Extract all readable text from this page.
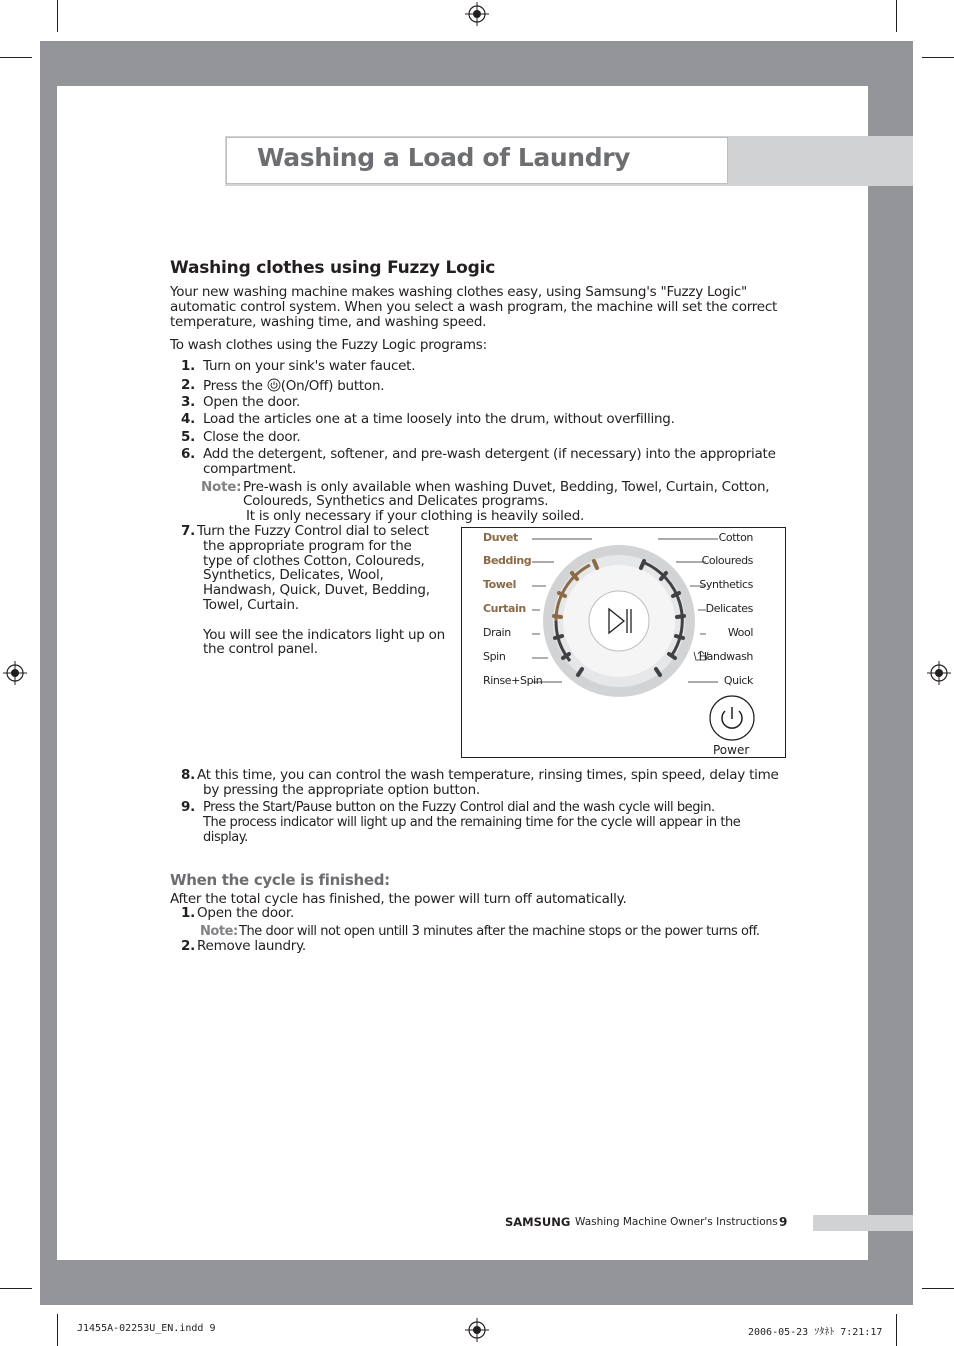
Washing a Load of Laundry
Washing clothes using Fuzzy Logic
Your new washing machine makes washing clothes easy, using Samsung's "Fuzzy Logic"
automatic control system. When you select a wash program, the machine will set the correct
temperature, washing time, and washing speed.
To wash clothes using the Fuzzy Logic programs:
1. Turn on your sink's water faucet.
2. Press the (On/Off) button.
3. Open the door.
4. Load the articles one at a time loosely into the drum, without overfilling.
5. Close the door.
6. Add the detergent, softener, and pre-wash detergent (if necessary) into the appropriate
compartment.
Note: Pre-wash is only available when washing Duvet, Bedding, Towel, Curtain, Cotton,
Coloureds, Synthetics and Delicates programs.
It is only necessary if your clothing is heavily soiled.
7. Turn the Fuzzy Control dial to select
the appropriate program for the
type of clothes Cotton, Coloureds,
Synthetics, Delicates, Wool,
Handwash, Quick, Duvet, Bedding,
Towel, Curtain.
You will see the indicators light up on
the control panel.
Duvet
Bedding
Towel
Curtain
Drain
Spin
Rinse+Spin
Cotton
Coloureds
Synthetics
Delicates
Wool
Handwash
Quick
Power
8. At this time, you can control the wash temperature, rinsing times, spin speed, delay time
by pressing the appropriate option button.
9. Press the Start/Pause button on the Fuzzy Control dial and the wash cycle will begin.
The process indicator will light up and the remaining time for the cycle will appear in the
display.
When the cycle is finished:
After the total cycle has finished, the power will turn off automatically.
1. Open the door.
Note: The door will not open untill 3 minutes after the machine stops or the power turns off.
2. Remove laundry.
SAMSUNG Washing Machine Owner's Instructions 9
J1455A-02253U_EN.indd 9	2006-05-23 ｿﾀﾈﾄ 7:21:17
